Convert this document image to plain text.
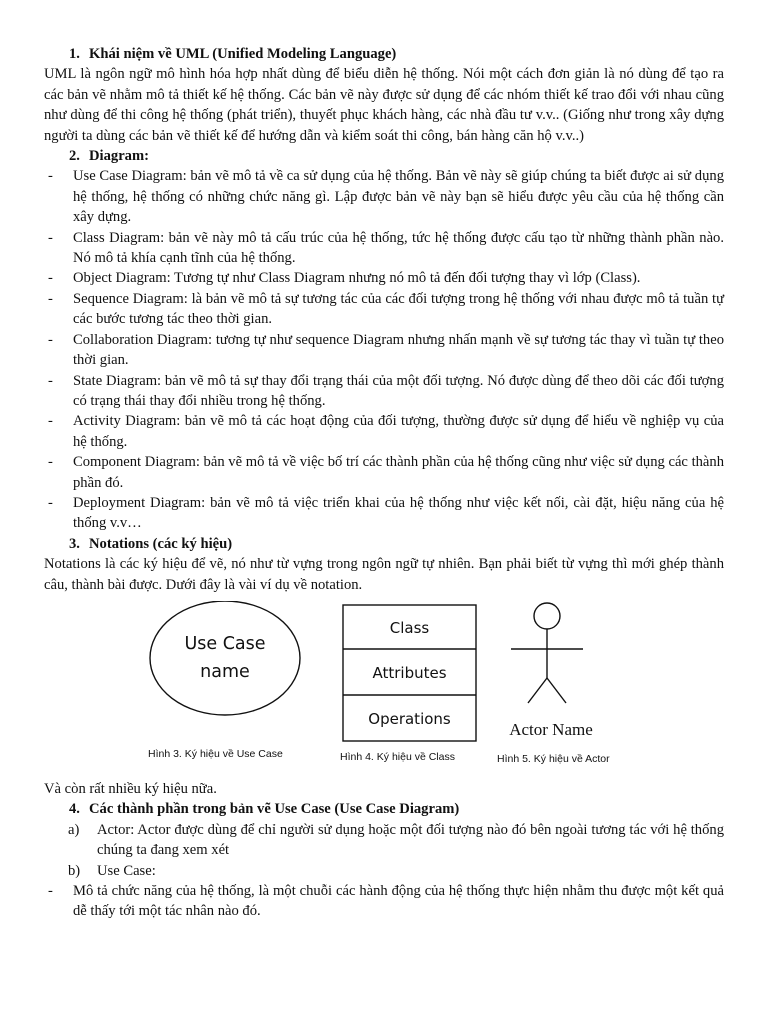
1. Khái niệm về UML (Unified Modeling Language)

UML là ngôn ngữ mô hình hóa hợp nhất dùng để biểu diễn hệ thống. Nói một cách đơn giản là nó dùng để tạo ra các bản vẽ nhằm mô tả thiết kế hệ thống. Các bản vẽ này được sử dụng để các nhóm thiết kế trao đổi với nhau cũng như dùng để thi công hệ thống (phát triển), thuyết phục khách hàng, các nhà đầu tư v.v.. (Giống như trong xây dựng người ta dùng các bản vẽ thiết kế để hướng dẫn và kiểm soát thi công, bán hàng căn hộ v.v..)

2. Diagram:
-	Use Case Diagram: bản vẽ mô tả về ca sử dụng của hệ thống. Bản vẽ này sẽ giúp chúng ta biết được ai sử dụng hệ thống, hệ thống có những chức năng gì. Lập được bản vẽ này bạn sẽ hiểu được yêu cầu của hệ thống cần xây dựng.
-	Class Diagram: bản vẽ này mô tả cấu trúc của hệ thống, tức hệ thống được cấu tạo từ những thành phần nào. Nó mô tả khía cạnh tĩnh của hệ thống.
-	Object Diagram: Tương tự như Class Diagram nhưng nó mô tả đến đối tượng thay vì lớp (Class).
-	Sequence Diagram: là bản vẽ mô tả sự tương tác của các đối tượng trong hệ thống với nhau được mô tả tuần tự các bước tương tác theo thời gian.
-	Collaboration Diagram: tương tự như sequence Diagram nhưng nhấn mạnh về sự tương tác thay vì tuần tự theo thời gian.
-	State Diagram: bản vẽ mô tả sự thay đổi trạng thái của một đối tượng. Nó được dùng để theo dõi các đối tượng có trạng thái thay đổi nhiều trong hệ thống.
-	Activity Diagram: bản vẽ mô tả các hoạt động của đối tượng, thường được sử dụng để hiểu về nghiệp vụ của hệ thống.
-	Component Diagram: bản vẽ mô tả về việc bố trí các thành phần của hệ thống cũng như việc sử dụng các thành phần đó.
-	Deployment Diagram: bản vẽ mô tả việc triển khai của hệ thống như việc kết nối, cài đặt, hiệu năng của hệ thống v.v…
3. Notations (các ký hiệu)

Notations là các ký hiệu để vẽ, nó như từ vựng trong ngôn ngữ tự nhiên. Bạn phải biết từ vựng thì mới ghép thành câu, thành bài được. Dưới đây là vài ví dụ về notation.

Use Case
name
Class
Attributes
Operations
Actor Name
Hình 3. Ký hiệu về Use Case	Hình 4. Ký hiệu về Class	Hình 5. Ký hiệu về Actor

Và còn rất nhiều ký hiệu nữa.

4. Các thành phần trong bản vẽ Use Case (Use Case Diagram)
a)	Actor: Actor được dùng để chỉ người sử dụng hoặc một đối tượng nào đó bên ngoài tương tác với hệ thống chúng ta đang xem xét
b)	Use Case:
-	Mô tả chức năng của hệ thống, là một chuỗi các hành động của hệ thống thực hiện nhằm thu được một kết quả dễ thấy tới một tác nhân nào đó.
